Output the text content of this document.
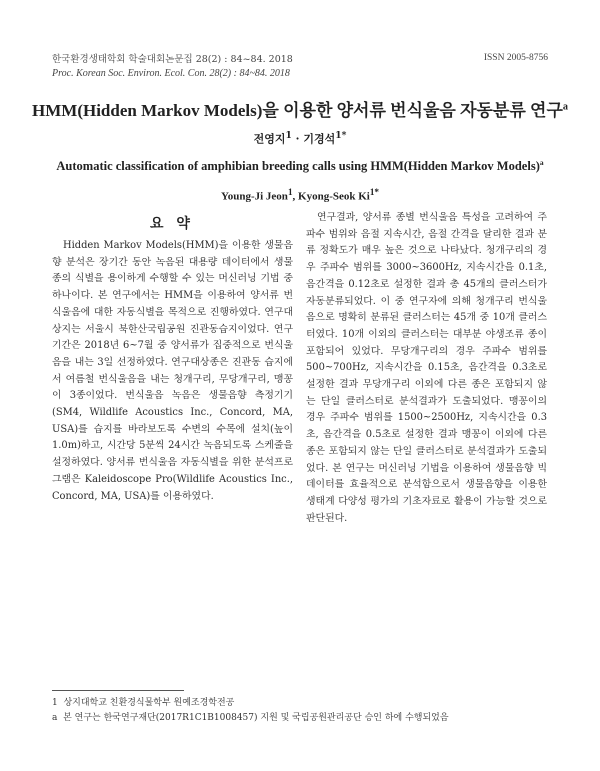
한국환경생태학회 학술대회논문집 28(2) : 84~84. 2018
Proc. Korean Soc. Environ. Ecol. Con. 28(2) : 84~84. 2018
ISSN 2005-8756
HMM(Hidden Markov Models)을 이용한 양서류 번식울음 자동분류 연구$^a$
전영지$^1$ · 기경석$^{1*}$
Automatic classification of amphibian breeding calls using HMM(Hidden Markov Models)$^a$
Young-Ji Jeon$^1$, Kyong-Seok $Ki^{1*}$
요 약

Hidden Markov Models(HMM)을 이용한 생물음향 분석은 장기간 동안 녹음된 대용량 데이터에서 생물종의 식별을 용이하게 수행할 수 있는 머신러닝 기법 중 하나이다. 본 연구에서는 HMM을 이용하여 양서류 번식울음에 대한 자동식별을 목적으로 진행하였다. 연구대상지는 서울시 북한산국립공원 진관동습지이었다. 연구기간은 2018년 6~7월 중 양서류가 집중적으로 번식울음을 내는 3일 선정하였다. 연구대상종은 진관동 습지에서 여름철 번식울음을 내는 청개구리, 무당개구리, 맹꽁이 3종이었다. 번식울음 녹음은 생물음향 측정기기(SM4, Wildlife Acoustics Inc., Concord, MA, USA)를 습지를 바라보도록 수변의 수목에 설치(높이 1.0m)하고, 시간당 5분씩 24시간 녹음되도록 스케줄을 설정하였다. 양서류 번식울음 자동식별을 위한 분석프로그램은 Kaleidoscope Pro(Wildlife Acoustics Inc., Concord, MA, USA)를 이용하였다.

연구결과, 양서류 종별 번식울음 특성을 고려하여 주파수 범위와 음절 지속시간, 음절 간격을 달리한 결과 분류 정확도가 매우 높은 것으로 나타났다. 청개구리의 경우 주파수 범위를 3000~3600Hz, 지속시간을 0.1초, 음간격을 0.12초로 설정한 결과 총 45개의 클러스터가 자동분류되었다. 이 중 연구자에 의해 청개구리 번식울음으로 명확히 분류된 클러스터는 45개 중 10개 클러스터였다. 10개 이외의 클러스터는 대부분 야생조류 종이 포함되어 있었다. 무당개구리의 경우 주파수 범위를 500~700Hz, 지속시간을 0.15초, 음간격을 0.3초로 설정한 결과 무당개구리 이외에 다른 종은 포함되지 않는 단일 클러스터로 분석결과가 도출되었다. 맹꽁이의 경우 주파수 범위를 1500~2500Hz, 지속시간을 0.3초, 음간격을 0.5초로 설정한 결과 맹꽁이 이외에 다른 종은 포함되지 않는 단일 클러스터로 분석결과가 도출되었다. 본 연구는 머신러닝 기법을 이용하여 생물음향 빅데이터를 효율적으로 분석함으로서 생물음향을 이용한 생태계 다양성 평가의 기초자료로 활용이 가능할 것으로 판단된다.

1 상지대학교 친환경식물학부 원예조경학전공
a 본 연구는 한국연구재단(2017R1C1B1008457) 지원 및 국립공원관리공단 승인 하에 수행되었음
